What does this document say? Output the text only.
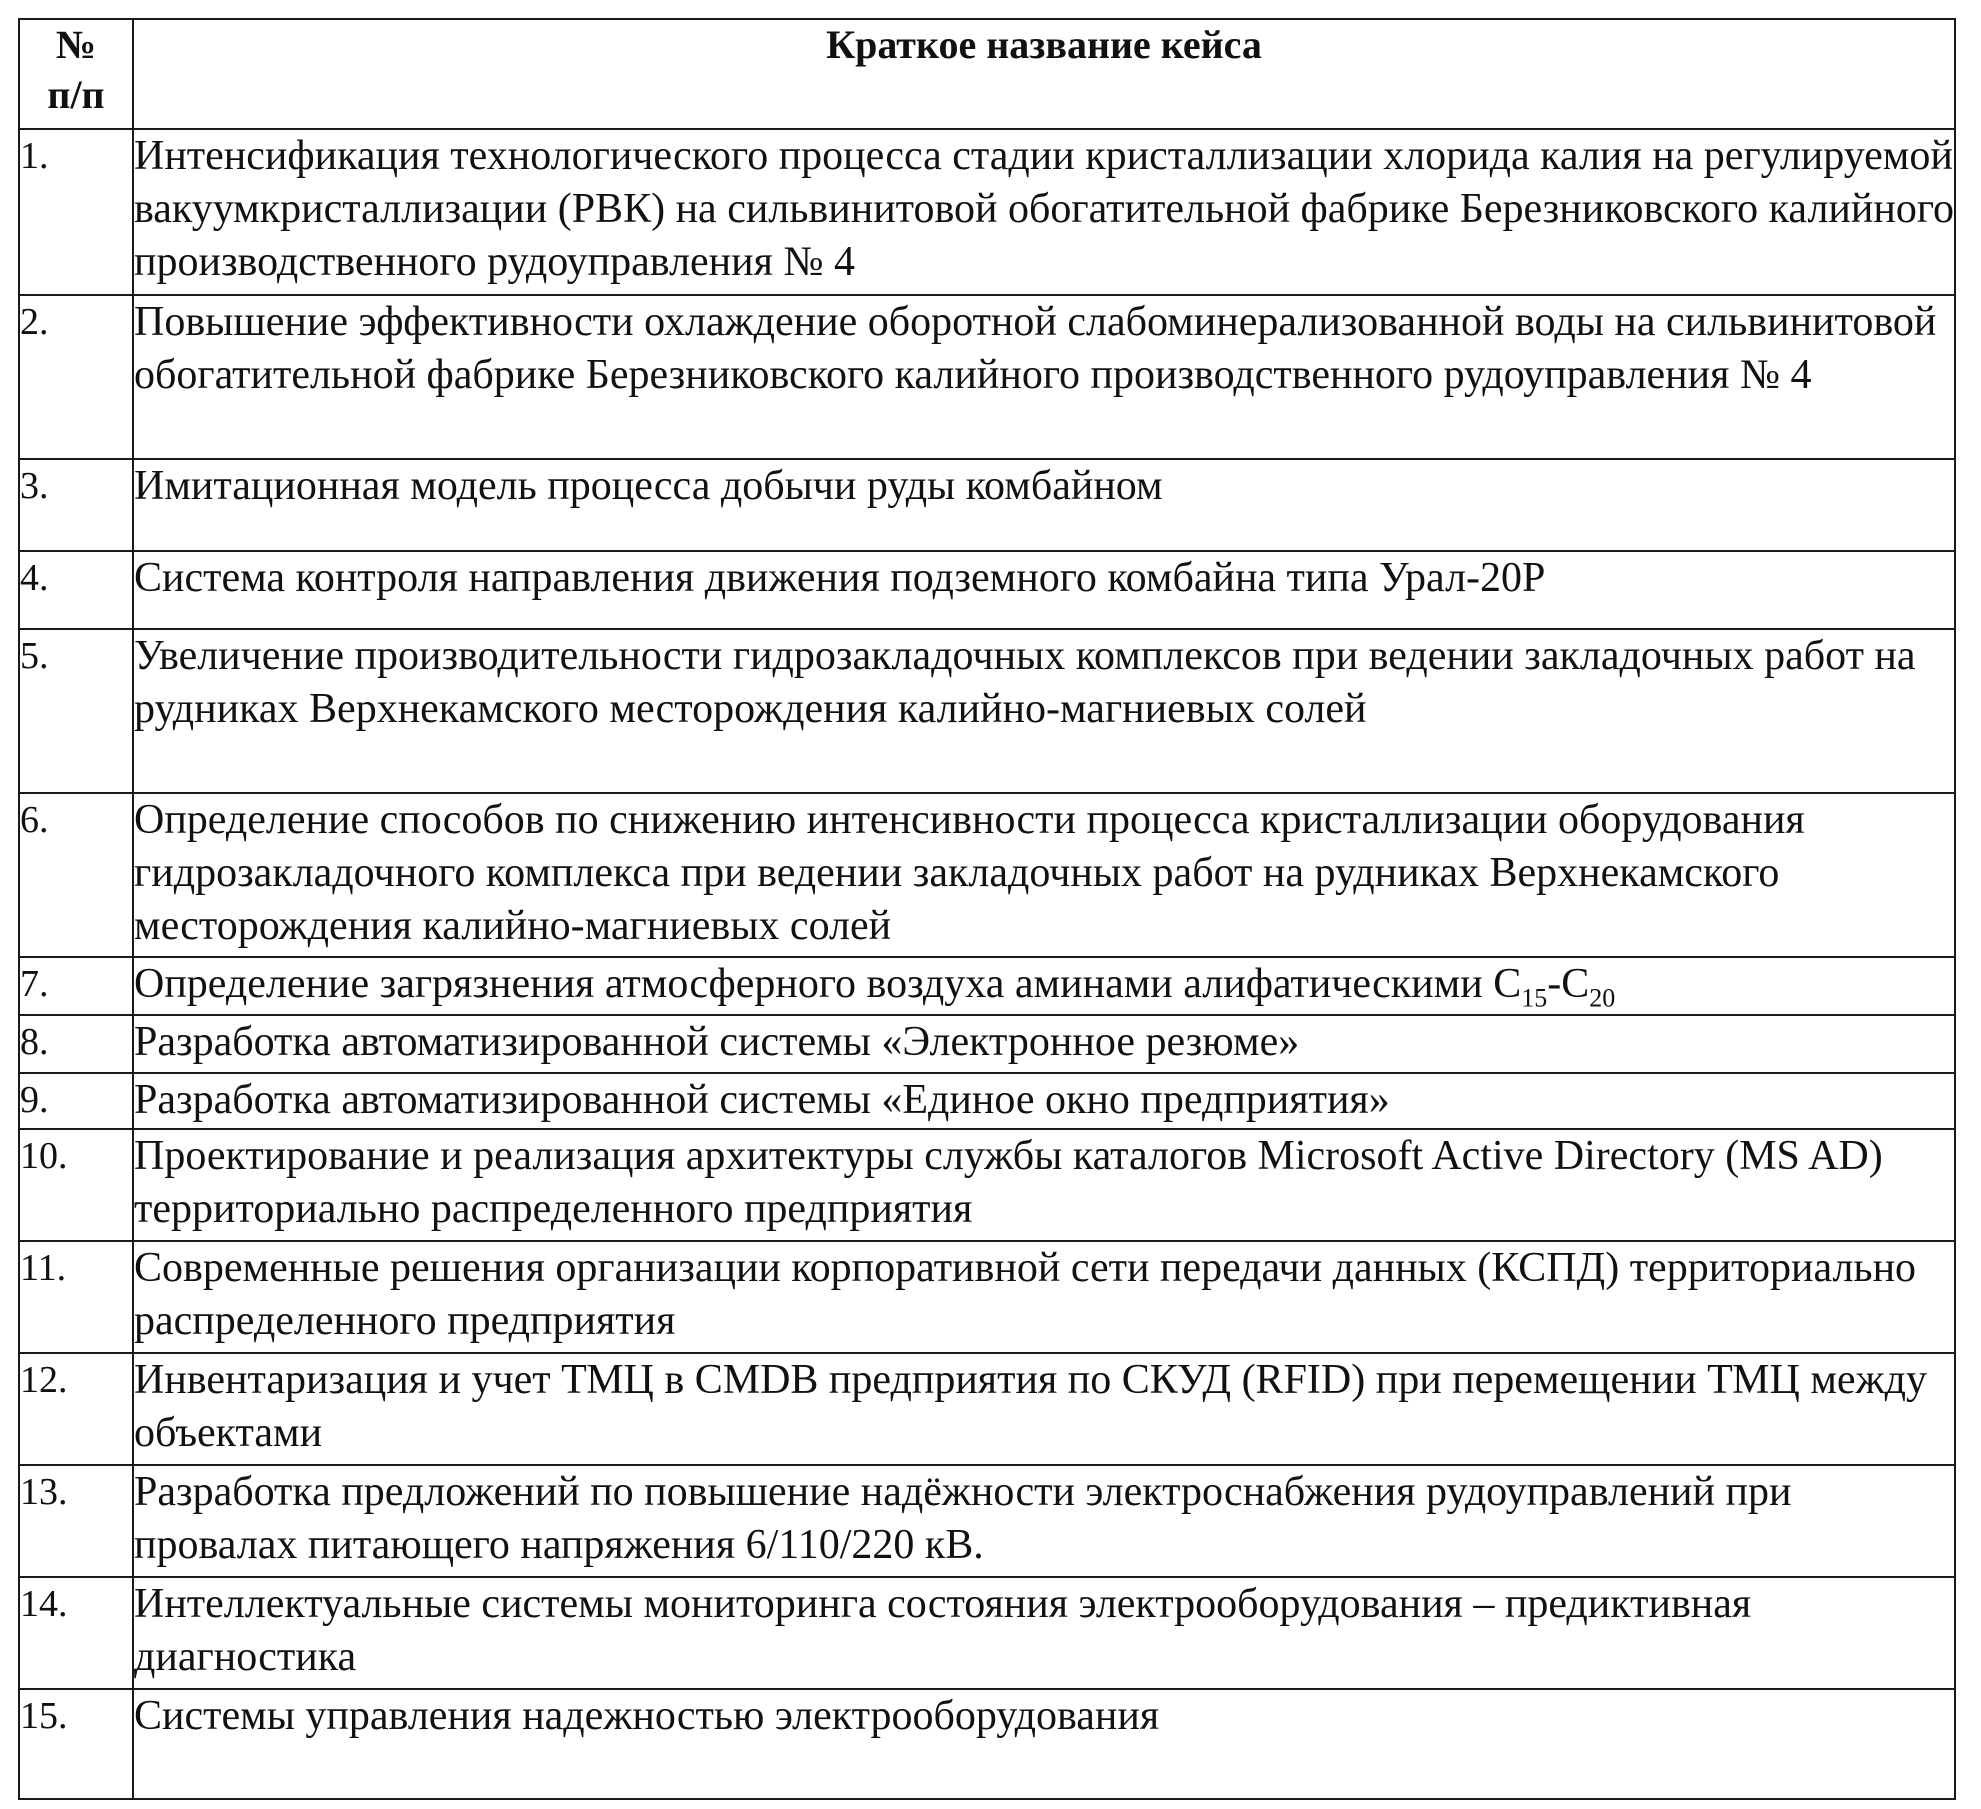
№
п/п	Краткое название кейса
1.	Интенсификация технологического процесса стадии кристаллизации хлорида калия на регулируемой вакуумкристаллизации (РВК) на сильвинитовой обогатительной фабрике Березниковского калийного производственного рудоуправления № 4
2.	Повышение эффективности охлаждение оборотной слабоминерализованной воды на сильвинитовой обогатительной фабрике Березниковского калийного производственного рудоуправления № 4
3.	Имитационная модель процесса добычи руды комбайном
4.	Система контроля направления движения подземного комбайна типа Урал-20Р
5.	Увеличение производительности гидрозакладочных комплексов при ведении закладочных работ на рудниках Верхнекамского месторождения калийно-магниевых солей
6.	Определение способов по снижению интенсивности процесса кристаллизации оборудования гидрозакладочного комплекса при ведении закладочных работ на рудниках Верхнекамского месторождения калийно-магниевых солей
7.	Определение загрязнения атмосферного воздуха аминами алифатическими $C_{15}-C_{20}$
8.	Разработка автоматизированной системы «Электронное резюме»
9.	Разработка автоматизированной системы «Единое окно предприятия»
10.	Проектирование и реализация архитектуры службы каталогов Microsoft Active Directory (MS AD) территориально распределенного предприятия
11.	Современные решения организации корпоративной сети передачи данных (КСПД) территориально распределенного предприятия
12.	Инвентаризация и учет ТМЦ в CMDB предприятия по СКУД (RFID) при перемещении ТМЦ между объектами
13.	Разработка предложений по повышение надёжности электроснабжения рудоуправлений при провалах питающего напряжения 6/110/220 кВ.
14.	Интеллектуальные системы мониторинга состояния электрооборудования – предиктивная диагностика
15.	Системы управления надежностью электрооборудования
